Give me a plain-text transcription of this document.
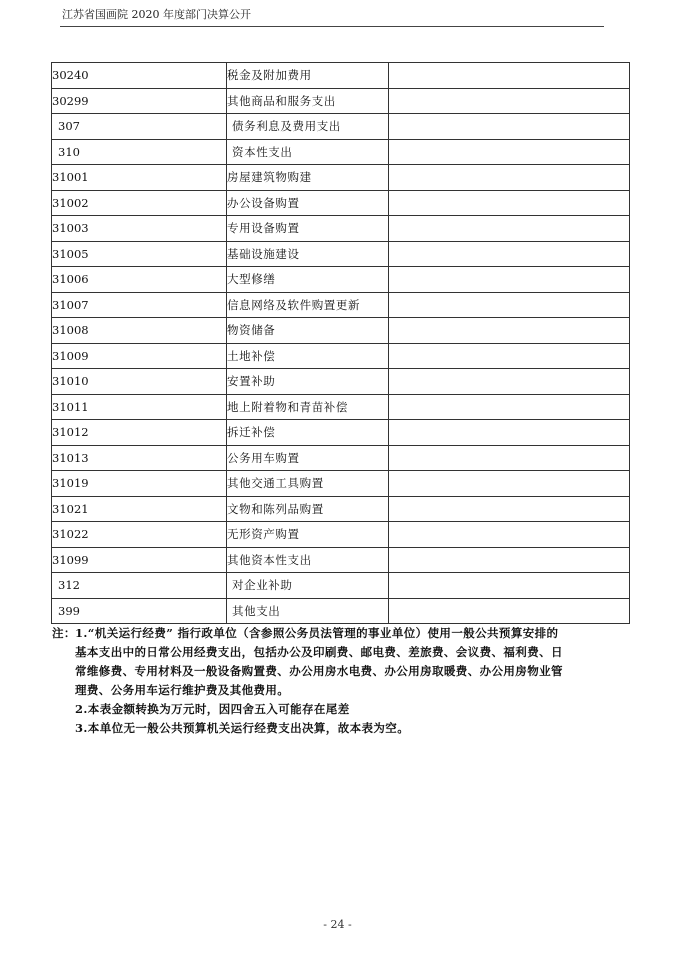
江苏省国画院 2020 年度部门决算公开
30240	税金及附加费用	
30299	其他商品和服务支出	
307	债务利息及费用支出	
310	资本性支出	
31001	房屋建筑物购建	
31002	办公设备购置	
31003	专用设备购置	
31005	基础设施建设	
31006	大型修缮	
31007	信息网络及软件购置更新	
31008	物资储备	
31009	土地补偿	
31010	安置补助	
31011	地上附着物和青苗补偿	
31012	拆迁补偿	
31013	公务用车购置	
31019	其他交通工具购置	
31021	文物和陈列品购置	
31022	无形资产购置	
31099	其他资本性支出	
312	对企业补助	
399	其他支出	
注： 1.“机关运行经费” 指行政单位（含参照公务员法管理的事业单位）使用一般公共预算安排的
基本支出中的日常公用经费支出，包括办公及印刷费、邮电费、差旅费、会议费、福利费、日
常维修费、专用材料及一般设备购置费、办公用房水电费、办公用房取暖费、办公用房物业管
理费、公务用车运行维护费及其他费用。
2.本表金额转换为万元时，因四舍五入可能存在尾差
3.本单位无一般公共预算机关运行经费支出决算，故本表为空。
- 24 -
